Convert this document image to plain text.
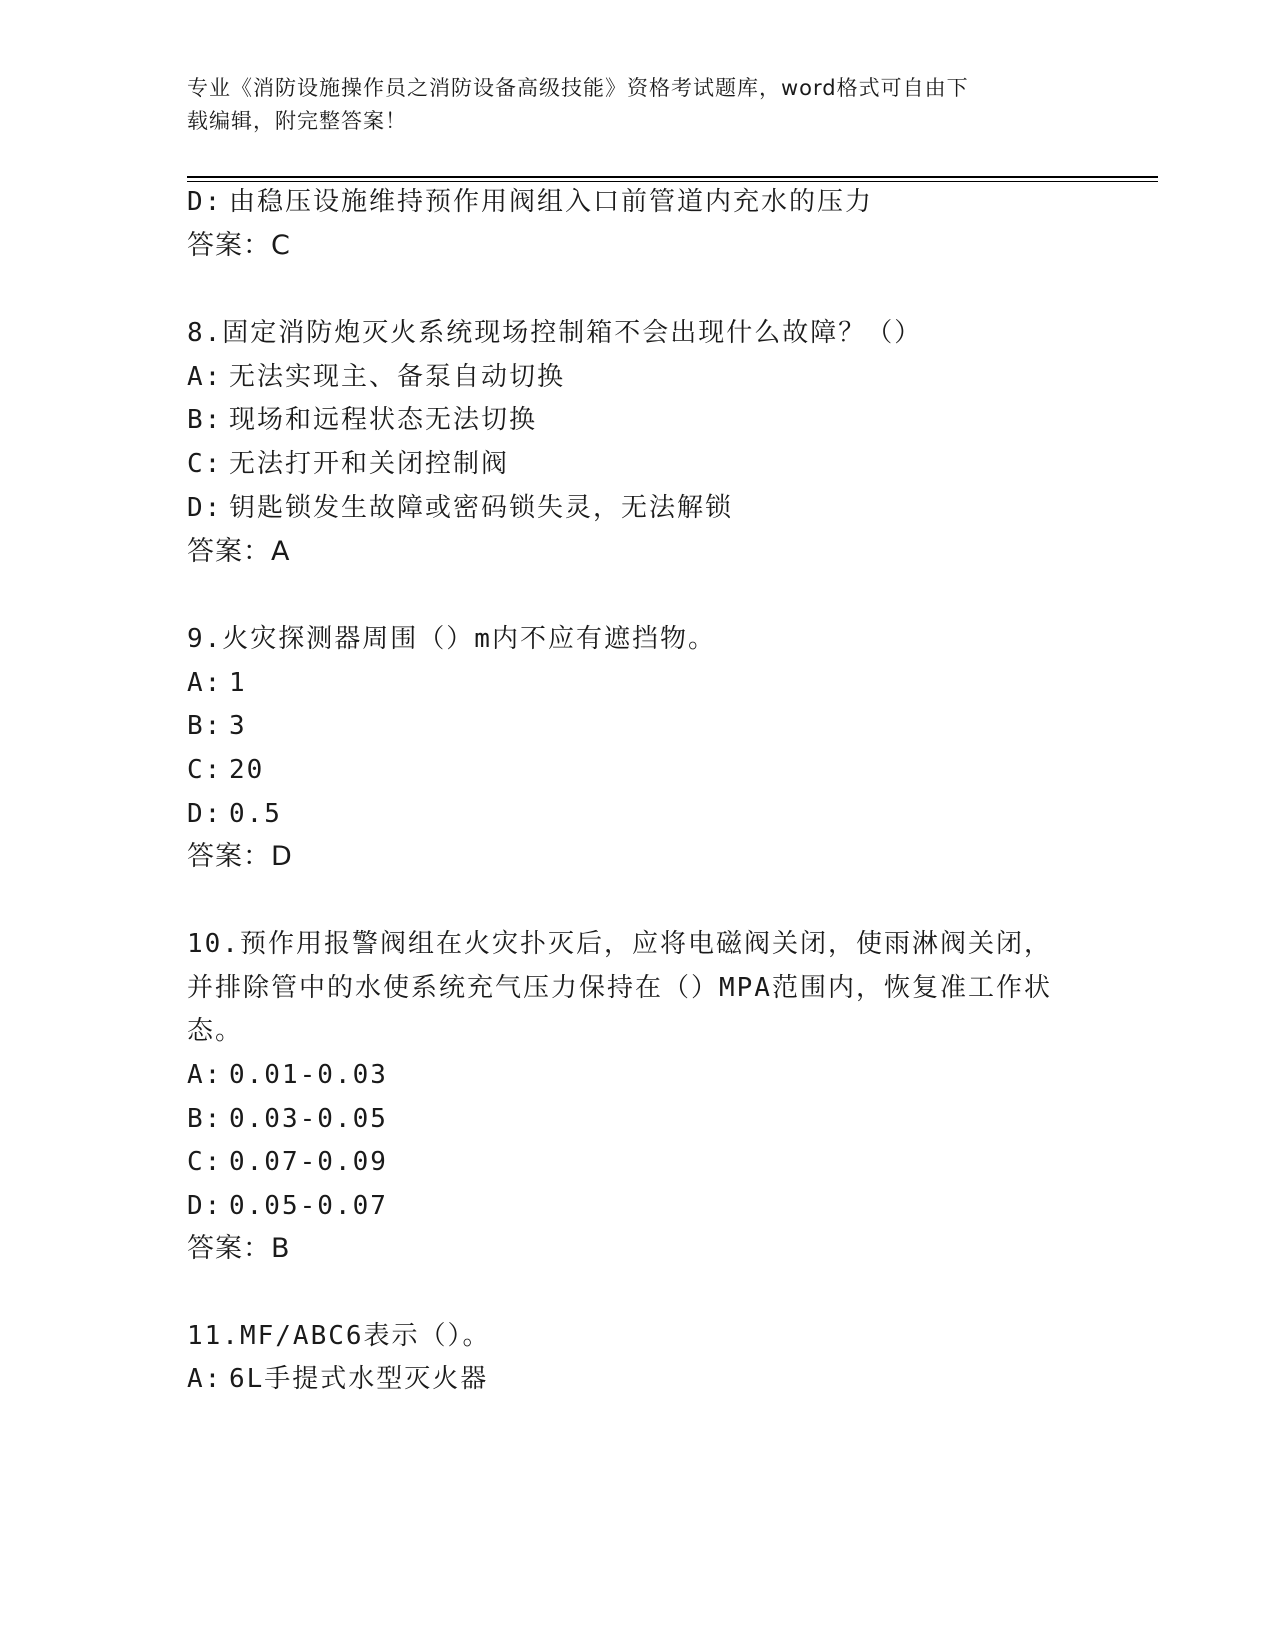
专业《消防设施操作员之消防设备高级技能》资格考试题库，word格式可自由下
载编辑，附完整答案！
D: 由稳压设施维持预作用阀组入口前管道内充水的压力
答案：C
8.固定消防炮灭火系统现场控制箱不会出现什么故障？（）
A: 无法实现主、备泵自动切换
B: 现场和远程状态无法切换
C: 无法打开和关闭控制阀
D: 钥匙锁发生故障或密码锁失灵，无法解锁
答案：A
9.火灾探测器周围（）m内不应有遮挡物。
A: 1
B: 3
C: 20
D: 0.5
答案：D
10.预作用报警阀组在火灾扑灭后，应将电磁阀关闭，使雨淋阀关闭，
并排除管中的水使系统充气压力保持在（）MPA范围内，恢复准工作状
态。
A: 0.01-0.03
B: 0.03-0.05
C: 0.07-0.09
D: 0.05-0.07
答案：B
11.MF/ABC6表示（）。
A: 6L手提式水型灭火器
